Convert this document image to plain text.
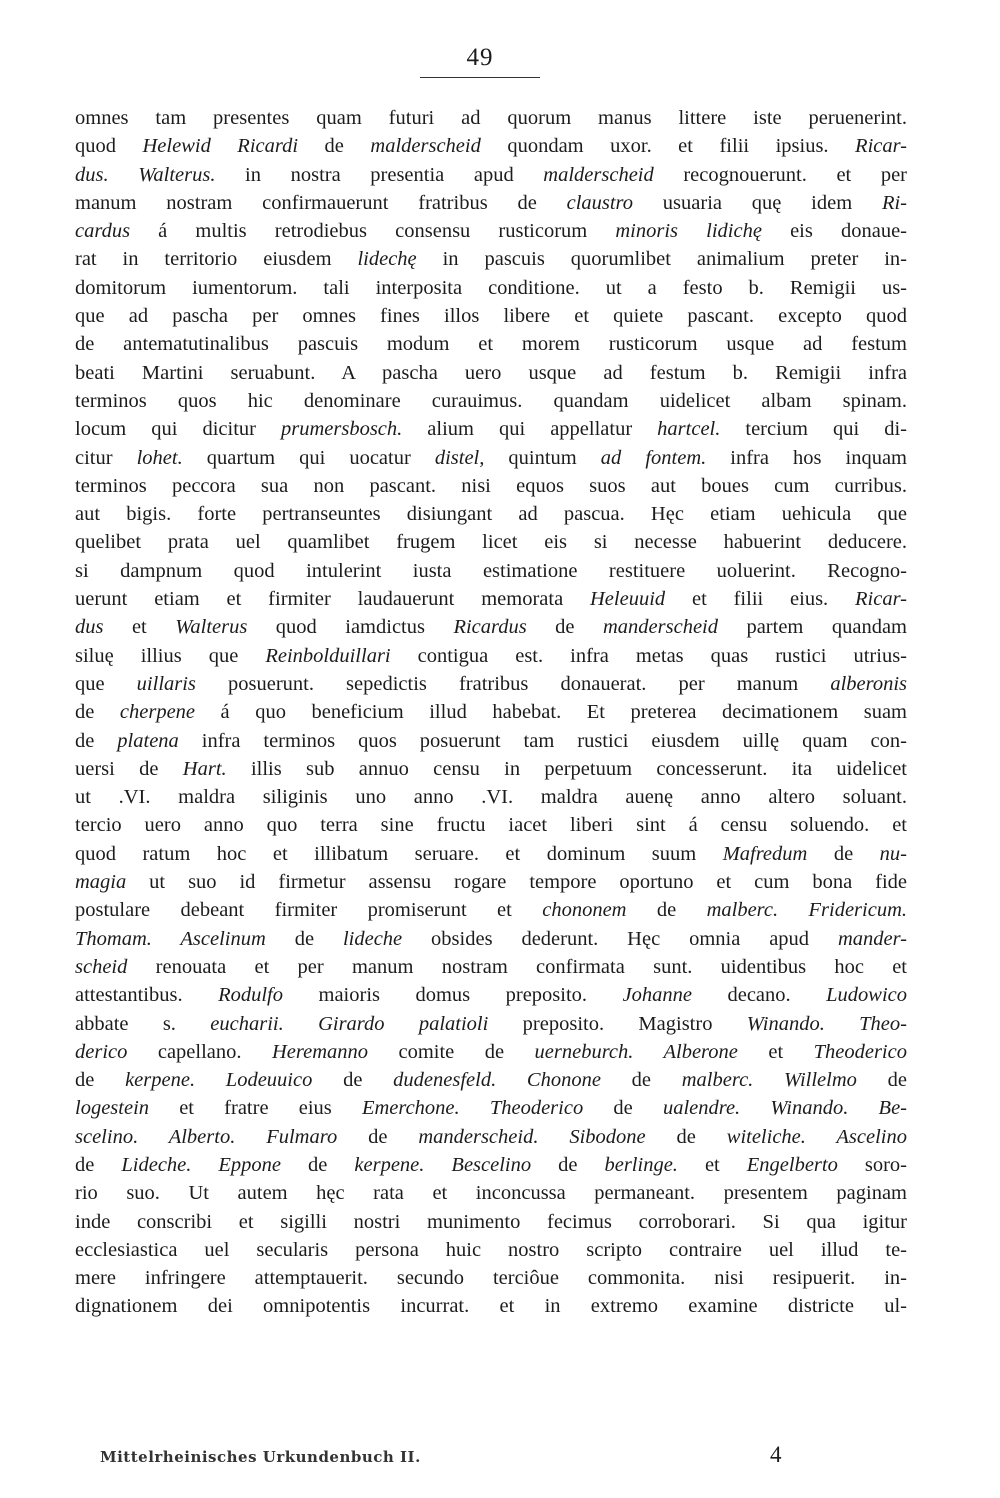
49
omnes tam presentes quam futuri ad quorum manus littere iste peruenerint.
quod Helewid Ricardi de malderscheid quondam uxor. et filii ipsius. Ricar-
dus. Walterus. in nostra presentia apud malderscheid recognouerunt. et per
manum nostram confirmauerunt fratribus de claustro usuaria quę idem Ri-
cardus á multis retrodiebus consensu rusticorum minoris lidichę eis donaue-
rat in territorio eiusdem lidechę in pascuis quorumlibet animalium preter in-
domitorum iumentorum. tali interposita conditione. ut a festo b. Remigii us-
que ad pascha per omnes fines illos libere et quiete pascant. excepto quod
de antematutinalibus pascuis modum et morem rusticorum usque ad festum
beati Martini seruabunt. A pascha uero usque ad festum b. Remigii infra
terminos quos hic denominare curauimus. quandam uidelicet albam spinam.
locum qui dicitur prumersbosch. alium qui appellatur hartcel. tercium qui di-
citur lohet. quartum qui uocatur distel, quintum ad fontem. infra hos inquam
terminos peccora sua non pascant. nisi equos suos aut boues cum curribus.
aut bigis. forte pertranseuntes disiungant ad pascua. Hęc etiam uehicula que
quelibet prata uel quamlibet frugem licet eis si necesse habuerint deducere.
si dampnum quod intulerint iusta estimatione restituere uoluerint. Recogno-
uerunt etiam et firmiter laudauerunt memorata Heleuuid et filii eius. Ricar-
dus et Walterus quod iamdictus Ricardus de manderscheid partem quandam
siluę illius que Reinbolduillari contigua est. infra metas quas rustici utrius-
que uillaris posuerunt. sepedictis fratribus donauerat. per manum alberonis
de cherpene á quo beneficium illud habebat. Et preterea decimationem suam
de platena infra terminos quos posuerunt tam rustici eiusdem uillę quam con-
uersi de Hart. illis sub annuo censu in perpetuum concesserunt. ita uidelicet
ut .VI. maldra siliginis uno anno .VI. maldra auenę anno altero soluant.
tercio uero anno quo terra sine fructu iacet liberi sint á censu soluendo. et
quod ratum hoc et illibatum seruare. et dominum suum Mafredum de nu-
magia ut suo id firmetur assensu rogare tempore oportuno et cum bona fide
postulare debeant firmiter promiserunt et chononem de malberc. Fridericum.
Thomam. Ascelinum de lideche obsides dederunt. Hęc omnia apud mander-
scheid renouata et per manum nostram confirmata sunt. uidentibus hoc et
attestantibus. Rodulfo maioris domus preposito. Johanne decano. Ludowico
abbate s. eucharii. Girardo palatioli preposito. Magistro Winando. Theo-
derico capellano. Heremanno comite de uerneburch. Alberone et Theoderico
de kerpene. Lodeuuico de dudenesfeld. Chonone de malberc. Willelmo de
logestein et fratre eius Emerchone. Theoderico de ualendre. Winando. Be-
scelino. Alberto. Fulmaro de manderscheid. Sibodone de witeliche. Ascelino
de Lideche. Eppone de kerpene. Bescelino de berlinge. et Engelberto soro-
rio suo. Ut autem hęc rata et inconcussa permaneant. presentem paginam
inde conscribi et sigilli nostri munimento fecimus corroborari. Si qua igitur
ecclesiastica uel secularis persona huic nostro scripto contraire uel illud te-
mere infringere attemptauerit. secundo terciôue commonita. nisi resipuerit. in-
dignationem dei omnipotentis incurrat. et in extremo examine districte ul-
Mittelrheinisches Urkundenbuch II.	4
